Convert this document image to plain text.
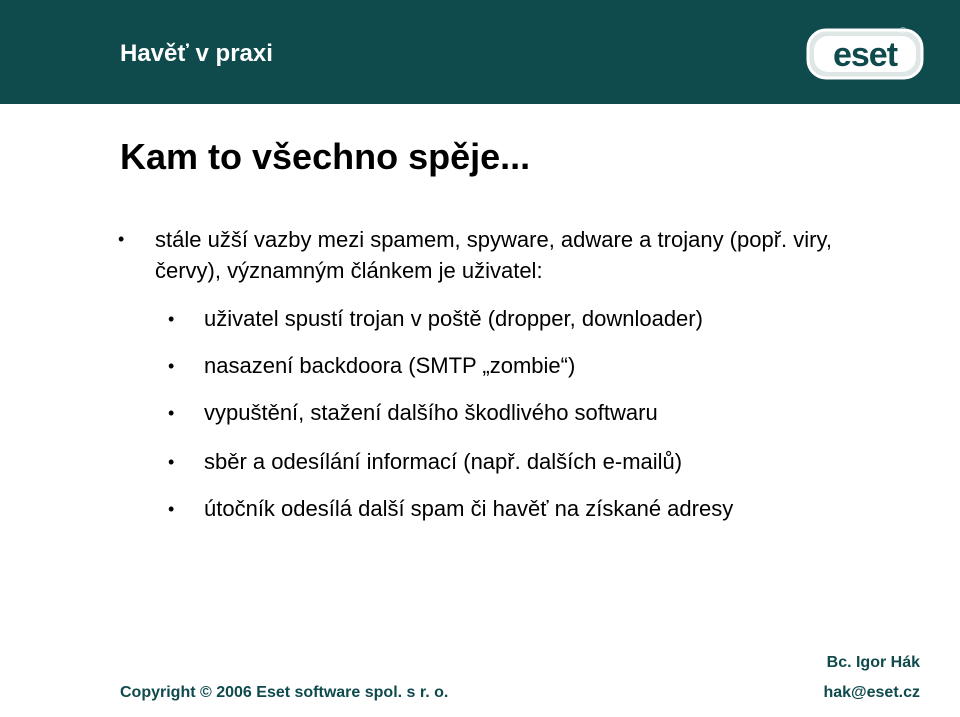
Havěť v praxi	eset
®
Kam to všechno spěje...
•	stále užší vazby mezi spamem, spyware, adware a trojany (popř. viry, červy), významným článkem je uživatel:
•	uživatel spustí trojan v poště (dropper, downloader)
•	nasazení backdoora (SMTP „zombie“)
•	vypuštění, stažení dalšího škodlivého softwaru
•	sběr a odesílání informací (např. dalších e-mailů)
•	útočník odesílá další spam či havěť na získané adresy
Copyright © 2006 Eset software spol. s r. o.
Bc. Igor Hák
hak@eset.cz
